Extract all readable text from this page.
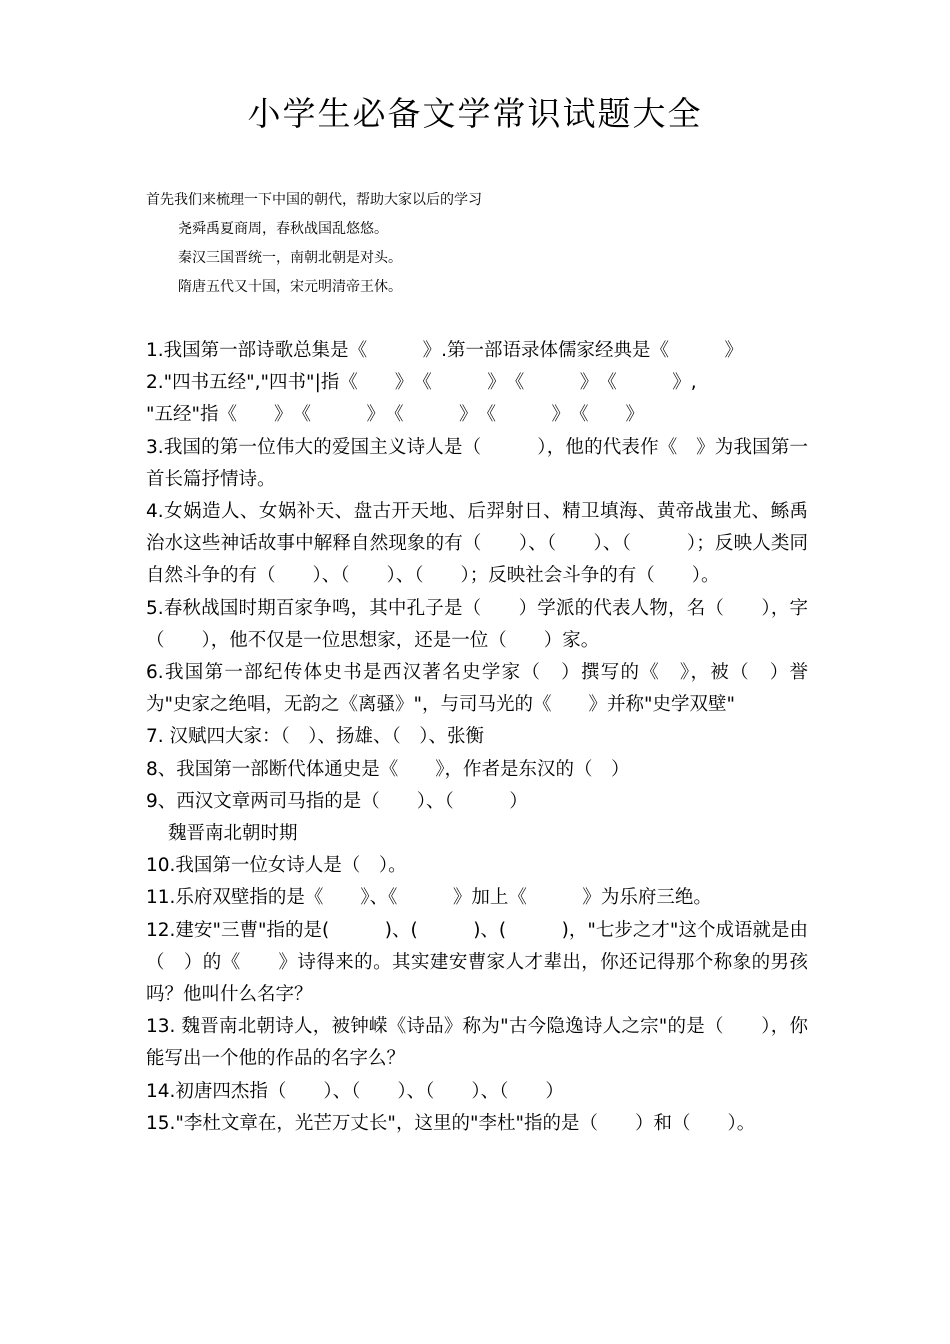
小学生必备文学常识试题大全
首先我们来梳理一下中国的朝代，帮助大家以后的学习
尧舜禹夏商周，春秋战国乱悠悠。
秦汉三国晋统一，南朝北朝是对头。
隋唐五代又十国，宋元明清帝王休。
1.我国第一部诗歌总集是《　　　》.第一部语录体儒家经典是《　　　》
2."四书五经","四书"|指《　　》　《　　　》　《　　　》　《　　　》,
"五经"指《　　》　《　　　》　《　　　》　《　　　》　《　　》
3.我国的第一位伟大的爱国主义诗人是（　　　），他的代表作《　》为我国第一首长篇抒情诗。
4.女娲造人、女娲补天、盘古开天地、后羿射日、精卫填海、黄帝战蚩尤、鲧禹治水这些神话故事中解释自然现象的有（　　）、（　　）、（　　　）；反映人类同自然斗争的有（　　）、（　　）、（　　）；反映社会斗争的有（　　）。
5.春秋战国时期百家争鸣，其中孔子是（　　）学派的代表人物，名（　　），字（　　），他不仅是一位思想家，还是一位（　　）家。
6.我国第一部纪传体史书是西汉著名史学家（　）撰写的《　》，被（　）誉为"史家之绝唱，无韵之《离骚》"，与司马光的《　　》并称"史学双壁"
7. 汉赋四大家：（　）、扬雄、（　）、张衡
8、我国第一部断代体通史是《　　》，作者是东汉的（　）
9、西汉文章两司马指的是（　　）、（　　　）
魏晋南北朝时期
10.我国第一位女诗人是（　）。
11.乐府双壁指的是《　　》、《　　　》加上《　　　》为乐府三绝。
12.建安"三曹"指的是(　　　)、(　　　)、(　　　)，"七步之才"这个成语就是由（　）的《　　》诗得来的。其实建安曹家人才辈出，你还记得那个称象的男孩吗？他叫什么名字？
13. 魏晋南北朝诗人，被钟嵘《诗品》称为"古今隐逸诗人之宗"的是（　　），你能写出一个他的作品的名字么？
14.初唐四杰指（　　）、（　　）、（　　）、（　　）
15."李杜文章在，光芒万丈长"，这里的"李杜"指的是（　　）和（　　）。
